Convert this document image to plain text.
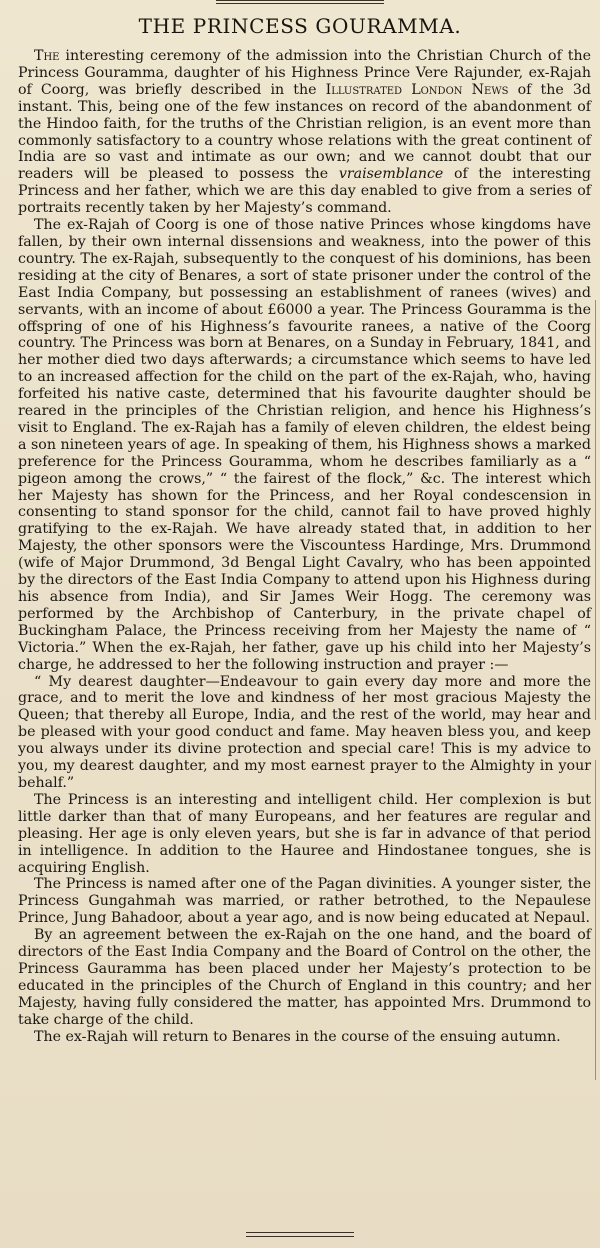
THE PRINCESS GOURAMMA.

The interesting ceremony of the admission into the Christian Church of the Princess Gouramma, daughter of his Highness Prince Vere Rajunder, ex-Rajah of Coorg, was briefly described in the Illustrated London News of the 3d instant. This, being one of the few instances on record of the abandonment of the Hindoo faith, for the truths of the Christian religion, is an event more than commonly satisfactory to a country whose relations with the great continent of India are so vast and intimate as our own; and we cannot doubt that our readers will be pleased to possess the vraisemblance of the interesting Princess and her father, which we are this day enabled to give from a series of portraits recently taken by her Majesty’s command.

The ex-Rajah of Coorg is one of those native Princes whose kingdoms have fallen, by their own internal dissensions and weakness, into the power of this country. The ex-Rajah, subsequently to the conquest of his dominions, has been residing at the city of Benares, a sort of state prisoner under the control of the East India Company, but possessing an establishment of ranees (wives) and servants, with an income of about £6000 a year. The Princess Gouramma is the offspring of one of his Highness’s favourite ranees, a native of the Coorg country. The Princess was born at Benares, on a Sunday in February, 1841, and her mother died two days afterwards; a circumstance which seems to have led to an increased affection for the child on the part of the ex-Rajah, who, having forfeited his native caste, determined that his favourite daughter should be reared in the principles of the Christian religion, and hence his Highness’s visit to England. The ex-Rajah has a family of eleven children, the eldest being a son nineteen years of age. In speaking of them, his Highness shows a marked preference for the Princess Gouramma, whom he describes familiarly as a “ pigeon among the crows,” “ the fairest of the flock,” &c. The interest which her Majesty has shown for the Princess, and her Royal condescension in consenting to stand sponsor for the child, cannot fail to have proved highly gratifying to the ex-Rajah. We have already stated that, in addition to her Majesty, the other sponsors were the Viscountess Hardinge, Mrs. Drummond (wife of Major Drummond, 3d Bengal Light Cavalry, who has been appointed by the directors of the East India Company to attend upon his Highness during his absence from India), and Sir James Weir Hogg. The ceremony was performed by the Archbishop of Canterbury, in the private chapel of Buckingham Palace, the Princess receiving from her Majesty the name of “ Victoria.” When the ex-Rajah, her father, gave up his child into her Majesty’s charge, he addressed to her the following instruction and prayer :—

“ My dearest daughter—Endeavour to gain every day more and more the grace, and to merit the love and kindness of her most gracious Majesty the Queen; that thereby all Europe, India, and the rest of the world, may hear and be pleased with your good conduct and fame. May heaven bless you, and keep you always under its divine protection and special care! This is my advice to you, my dearest daughter, and my most earnest prayer to the Almighty in your behalf.”

The Princess is an interesting and intelligent child. Her complexion is but little darker than that of many Europeans, and her features are regular and pleasing. Her age is only eleven years, but she is far in advance of that period in intelligence. In addition to the Hauree and Hindostanee tongues, she is acquiring English.

The Princess is named after one of the Pagan divinities. A younger sister, the Princess Gungahmah was married, or rather betrothed, to the Nepaulese Prince, Jung Bahadoor, about a year ago, and is now being educated at Nepaul.

By an agreement between the ex-Rajah on the one hand, and the board of directors of the East India Company and the Board of Control on the other, the Princess Gauramma has been placed under her Majesty’s protection to be educated in the principles of the Church of England in this country; and her Majesty, having fully considered the matter, has appointed Mrs. Drummond to take charge of the child.

The ex-Rajah will return to Benares in the course of the ensuing autumn.
